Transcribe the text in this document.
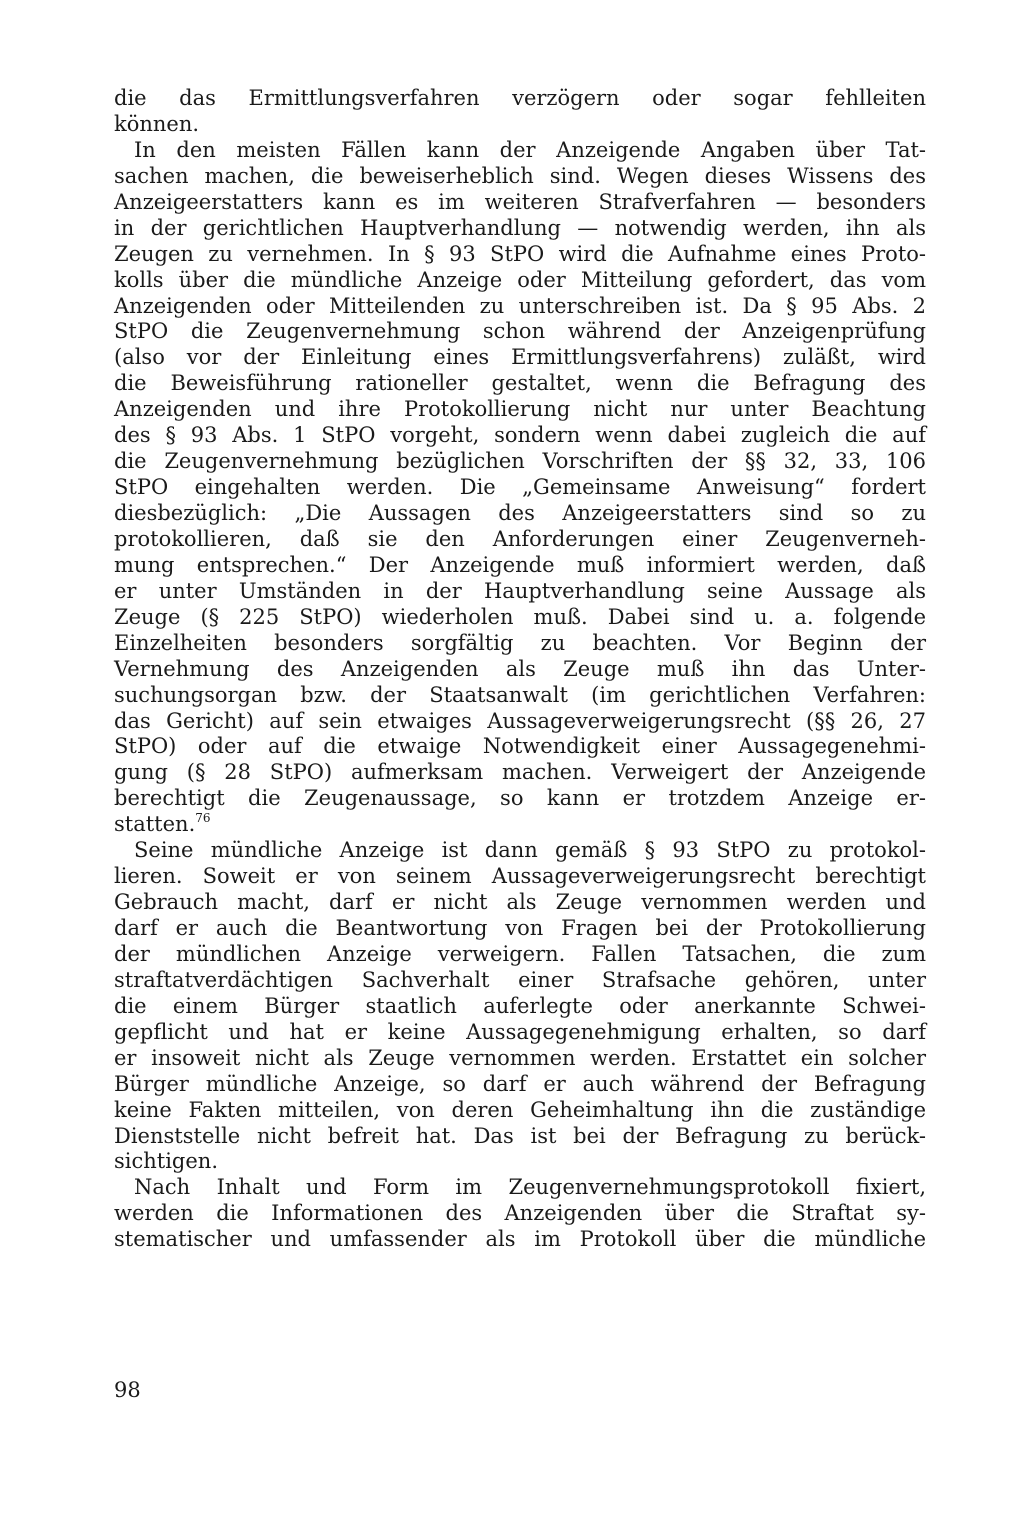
die das Ermittlungsverfahren verzögern oder sogar fehlleiten
können.
In den meisten Fällen kann der Anzeigende Angaben über Tat-
sachen machen, die beweiserheblich sind. Wegen dieses Wissens des
Anzeigeerstatters kann es im weiteren Strafverfahren — besonders
in der gerichtlichen Hauptverhandlung — notwendig werden, ihn als
Zeugen zu vernehmen. In § 93 StPO wird die Aufnahme eines Proto-
kolls über die mündliche Anzeige oder Mitteilung gefordert, das vom
Anzeigenden oder Mitteilenden zu unterschreiben ist. Da § 95 Abs. 2
StPO die Zeugenvernehmung schon während der Anzeigenprüfung
(also vor der Einleitung eines Ermittlungsverfahrens) zuläßt, wird
die Beweisführung rationeller gestaltet, wenn die Befragung des
Anzeigenden und ihre Protokollierung nicht nur unter Beachtung
des § 93 Abs. 1 StPO vorgeht, sondern wenn dabei zugleich die auf
die Zeugenvernehmung bezüglichen Vorschriften der §§ 32, 33, 106
StPO eingehalten werden. Die „Gemeinsame Anweisung“ fordert
diesbezüglich: „Die Aussagen des Anzeigeerstatters sind so zu
protokollieren, daß sie den Anforderungen einer Zeugenverneh-
mung entsprechen.“ Der Anzeigende muß informiert werden, daß
er unter Umständen in der Hauptverhandlung seine Aussage als
Zeuge (§ 225 StPO) wiederholen muß. Dabei sind u. a. folgende
Einzelheiten besonders sorgfältig zu beachten. Vor Beginn der
Vernehmung des Anzeigenden als Zeuge muß ihn das Unter-
suchungsorgan bzw. der Staatsanwalt (im gerichtlichen Verfahren:
das Gericht) auf sein etwaiges Aussageverweigerungsrecht (§§ 26, 27
StPO) oder auf die etwaige Notwendigkeit einer Aussagegenehmi-
gung (§ 28 StPO) aufmerksam machen. Verweigert der Anzeigende
berechtigt die Zeugenaussage, so kann er trotzdem Anzeige er-
statten.$^{76}$
Seine mündliche Anzeige ist dann gemäß § 93 StPO zu protokol-
lieren. Soweit er von seinem Aussageverweigerungsrecht berechtigt
Gebrauch macht, darf er nicht als Zeuge vernommen werden und
darf er auch die Beantwortung von Fragen bei der Protokollierung
der mündlichen Anzeige verweigern. Fallen Tatsachen, die zum
straftatverdächtigen Sachverhalt einer Strafsache gehören, unter
die einem Bürger staatlich auferlegte oder anerkannte Schwei-
gepflicht und hat er keine Aussagegenehmigung erhalten, so darf
er insoweit nicht als Zeuge vernommen werden. Erstattet ein solcher
Bürger mündliche Anzeige, so darf er auch während der Befragung
keine Fakten mitteilen, von deren Geheimhaltung ihn die zuständige
Dienststelle nicht befreit hat. Das ist bei der Befragung zu berück-
sichtigen.
Nach Inhalt und Form im Zeugenvernehmungsprotokoll fixiert,
werden die Informationen des Anzeigenden über die Straftat sy-
stematischer und umfassender als im Protokoll über die mündliche
98
